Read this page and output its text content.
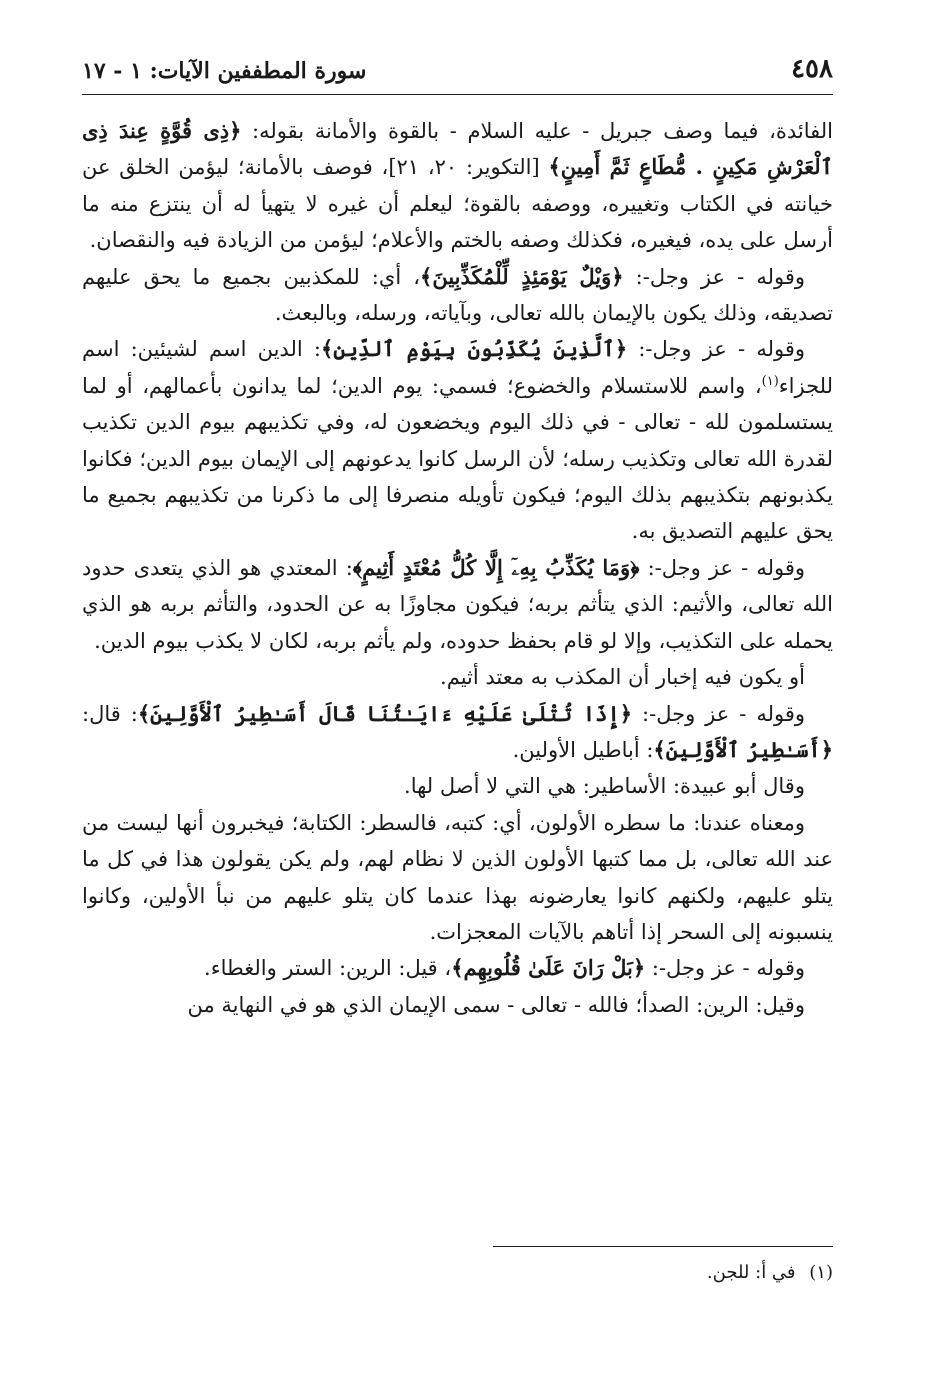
٤٥٨
سورة المطففين الآيات: ١ - ١٧

الفائدة، فيما وصف جبريل - عليه السلام - بالقوة والأمانة بقوله: ﴿ذِى قُوَّةٍ عِندَ ذِى ٱلْعَرْشِ مَكِينٍ . مُّطَاعٍ ثَمَّ أَمِينٍ﴾ [التكوير: ٢٠، ٢١]، فوصف بالأمانة؛ ليؤمن الخلق عن خيانته في الكتاب وتغييره، ووصفه بالقوة؛ ليعلم أن غيره لا يتهيأ له أن ينتزع منه ما أرسل على يده، فيغيره، فكذلك وصفه بالختم والأعلام؛ ليؤمن من الزيادة فيه والنقصان.

وقوله - عز وجل-: ﴿وَيْلٌ يَوْمَئِذٍ لِّلْمُكَذِّبِينَ﴾، أي: للمكذبين بجميع ما يحق عليهم تصديقه، وذلك يكون بالإيمان بالله تعالى، وبآياته، ورسله، وبالبعث.

وقوله - عز وجل-: ﴿ٱلَّذِينَ يُكَذِّبُونَ بِيَوْمِ ٱلدِّينِ﴾: الدين اسم لشيئين: اسم للجزاء$^{(١)}$، واسم للاستسلام والخضوع؛ فسمي: يوم الدين؛ لما يدانون بأعمالهم، أو لما يستسلمون لله - تعالى - في ذلك اليوم ويخضعون له، وفي تكذيبهم بيوم الدين تكذيب لقدرة الله تعالى وتكذيب رسله؛ لأن الرسل كانوا يدعونهم إلى الإيمان بيوم الدين؛ فكانوا يكذبونهم بتكذيبهم بذلك اليوم؛ فيكون تأويله منصرفا إلى ما ذكرنا من تكذيبهم بجميع ما يحق عليهم التصديق به.

وقوله - عز وجل-: ﴿وَمَا يُكَذِّبُ بِهِۦٓ إِلَّا كُلُّ مُعْتَدٍ أَثِيمٍ﴾: المعتدي هو الذي يتعدى حدود الله تعالى، والأثيم: الذي يتأثم بربه؛ فيكون مجاوزًا به عن الحدود، والتأثم بربه هو الذي يحمله على التكذيب، وإلا لو قام بحفظ حدوده، ولم يأثم بربه، لكان لا يكذب بيوم الدين.

أو يكون فيه إخبار أن المكذب به معتد أثيم.

وقوله - عز وجل-: ﴿إِذَا تُتْلَىٰ عَلَيْهِ ءَايَـٰتُنَا قَالَ أَسَـٰطِيرُ ٱلْأَوَّلِينَ﴾: قال: ﴿أَسَـٰطِيرُ ٱلْأَوَّلِينَ﴾: أباطيل الأولين.

وقال أبو عبيدة: الأساطير: هي التي لا أصل لها.

ومعناه عندنا: ما سطره الأولون، أي: كتبه، فالسطر: الكتابة؛ فيخبرون أنها ليست من عند الله تعالى، بل مما كتبها الأولون الذين لا نظام لهم، ولم يكن يقولون هذا في كل ما يتلو عليهم، ولكنهم كانوا يعارضونه بهذا عندما كان يتلو عليهم من نبأ الأولين، وكانوا ينسبونه إلى السحر إذا أتاهم بالآيات المعجزات.

وقوله - عز وجل-: ﴿بَلْ رَانَ عَلَىٰ قُلُوبِهِم﴾، قيل: الرين: الستر والغطاء.

وقيل: الرين: الصدأ؛ فالله - تعالى - سمى الإيمان الذي هو في النهاية من

(١) في أ: للجن.
